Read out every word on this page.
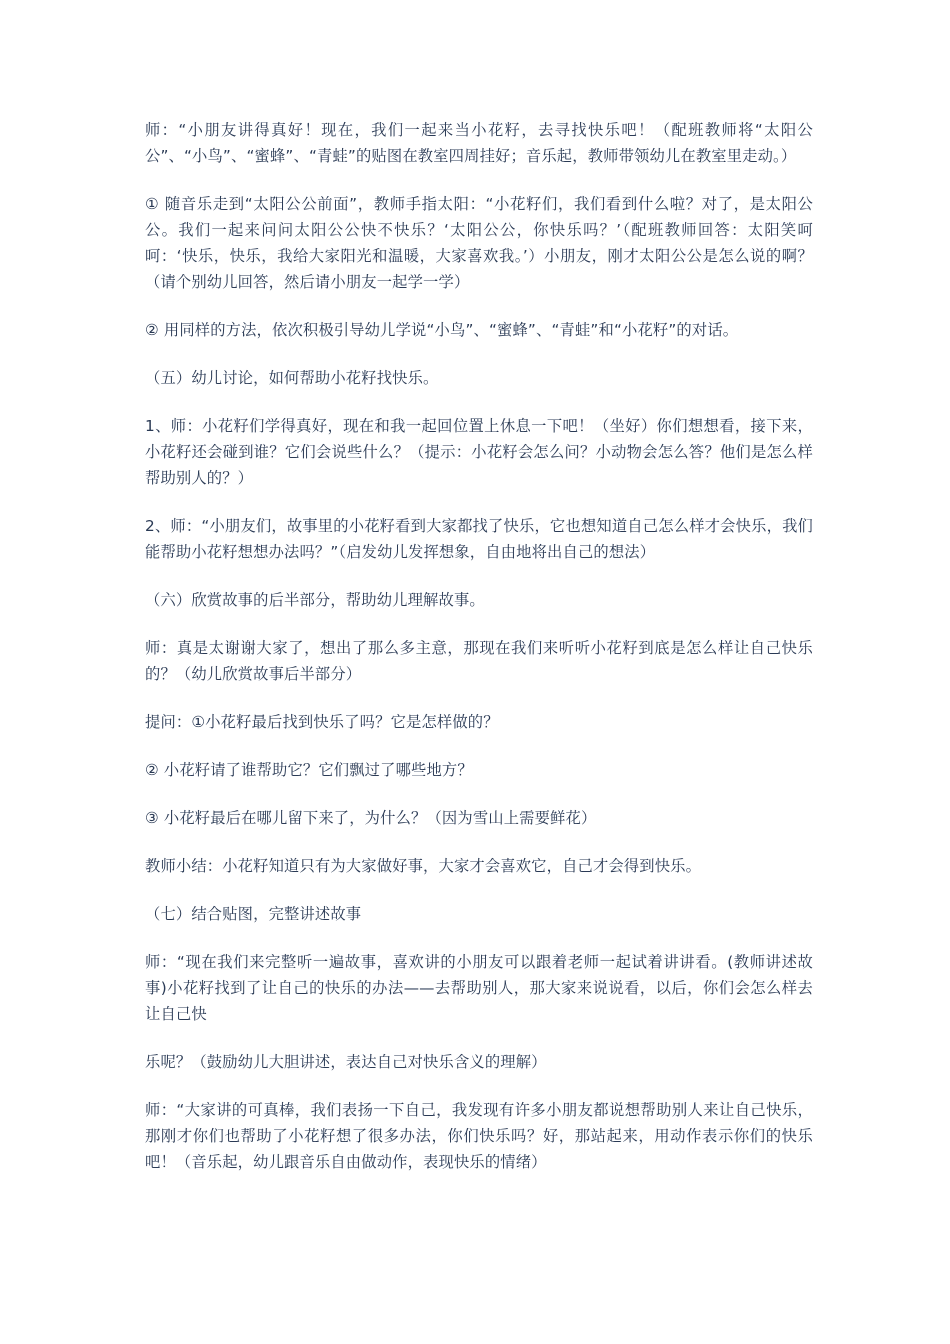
师：“小朋友讲得真好！现在，我们一起来当小花籽，去寻找快乐吧！（配班教师将“太阳公公”、“小鸟”、“蜜蜂”、“青蛙”的贴图在教室四周挂好；音乐起，教师带领幼儿在教室里走动。）

① 随音乐走到“太阳公公前面”，教师手指太阳：“小花籽们，我们看到什么啦？对了，是太阳公公。我们一起来问问太阳公公快不快乐？‘太阳公公，你快乐吗？’（配班教师回答：太阳笑呵呵：‘快乐，快乐，我给大家阳光和温暖，大家喜欢我。’）小朋友，刚才太阳公公是怎么说的啊？（请个别幼儿回答，然后请小朋友一起学一学）

② 用同样的方法，依次积极引导幼儿学说“小鸟”、“蜜蜂”、“青蛙”和“小花籽”的对话。

（五）幼儿讨论，如何帮助小花籽找快乐。

1、师：小花籽们学得真好，现在和我一起回位置上休息一下吧！（坐好）你们想想看，接下来，小花籽还会碰到谁？它们会说些什么？（提示：小花籽会怎么问？小动物会怎么答？他们是怎么样帮助别人的？）

2、师：“小朋友们，故事里的小花籽看到大家都找了快乐，它也想知道自己怎么样才会快乐，我们能帮助小花籽想想办法吗？”（启发幼儿发挥想象，自由地将出自己的想法）

（六）欣赏故事的后半部分，帮助幼儿理解故事。

师：真是太谢谢大家了，想出了那么多主意，那现在我们来听听小花籽到底是怎么样让自己快乐的？（幼儿欣赏故事后半部分）

提问：①小花籽最后找到快乐了吗？它是怎样做的？

② 小花籽请了谁帮助它？它们飘过了哪些地方？

③ 小花籽最后在哪儿留下来了，为什么？（因为雪山上需要鲜花）

教师小结：小花籽知道只有为大家做好事，大家才会喜欢它，自己才会得到快乐。

（七）结合贴图，完整讲述故事

师：“现在我们来完整听一遍故事，喜欢讲的小朋友可以跟着老师一起试着讲讲看。(教师讲述故事)小花籽找到了让自己的快乐的办法——去帮助别人，那大家来说说看，以后，你们会怎么样去让自己快

乐呢？（鼓励幼儿大胆讲述，表达自己对快乐含义的理解）

师：“大家讲的可真棒，我们表扬一下自己，我发现有许多小朋友都说想帮助别人来让自己快乐，那刚才你们也帮助了小花籽想了很多办法，你们快乐吗？好，那站起来，用动作表示你们的快乐吧！（音乐起，幼儿跟音乐自由做动作，表现快乐的情绪）
